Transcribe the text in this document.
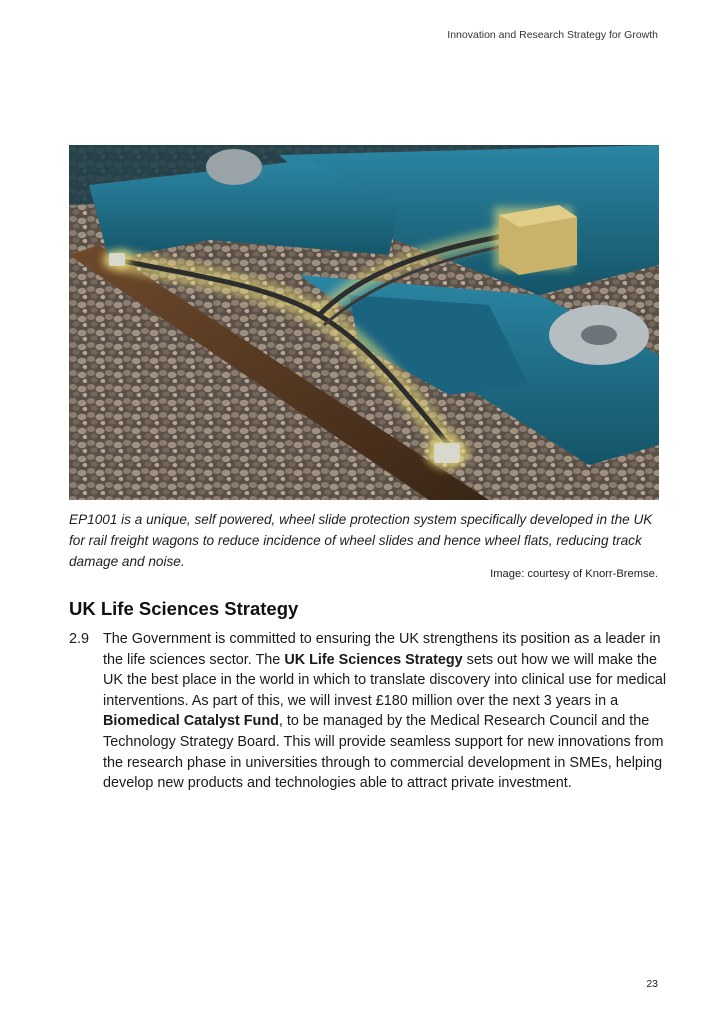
Innovation and Research Strategy for Growth
EP1001 is a unique, self powered, wheel slide protection system specifically developed in the UK for rail freight wagons to reduce incidence of wheel slides and hence wheel flats, reducing track damage and noise.
Image: courtesy of Knorr-Bremse.
UK Life Sciences Strategy
2.9 The Government is committed to ensuring the UK strengthens its position as a leader in the life sciences sector. The UK Life Sciences Strategy sets out how we will make the UK the best place in the world in which to translate discovery into clinical use for medical interventions. As part of this, we will invest £180 million over the next 3 years in a Biomedical Catalyst Fund, to be managed by the Medical Research Council and the Technology Strategy Board. This will provide seamless support for new innovations from the research phase in universities through to commercial development in SMEs, helping develop new products and technologies able to attract private investment.
23
